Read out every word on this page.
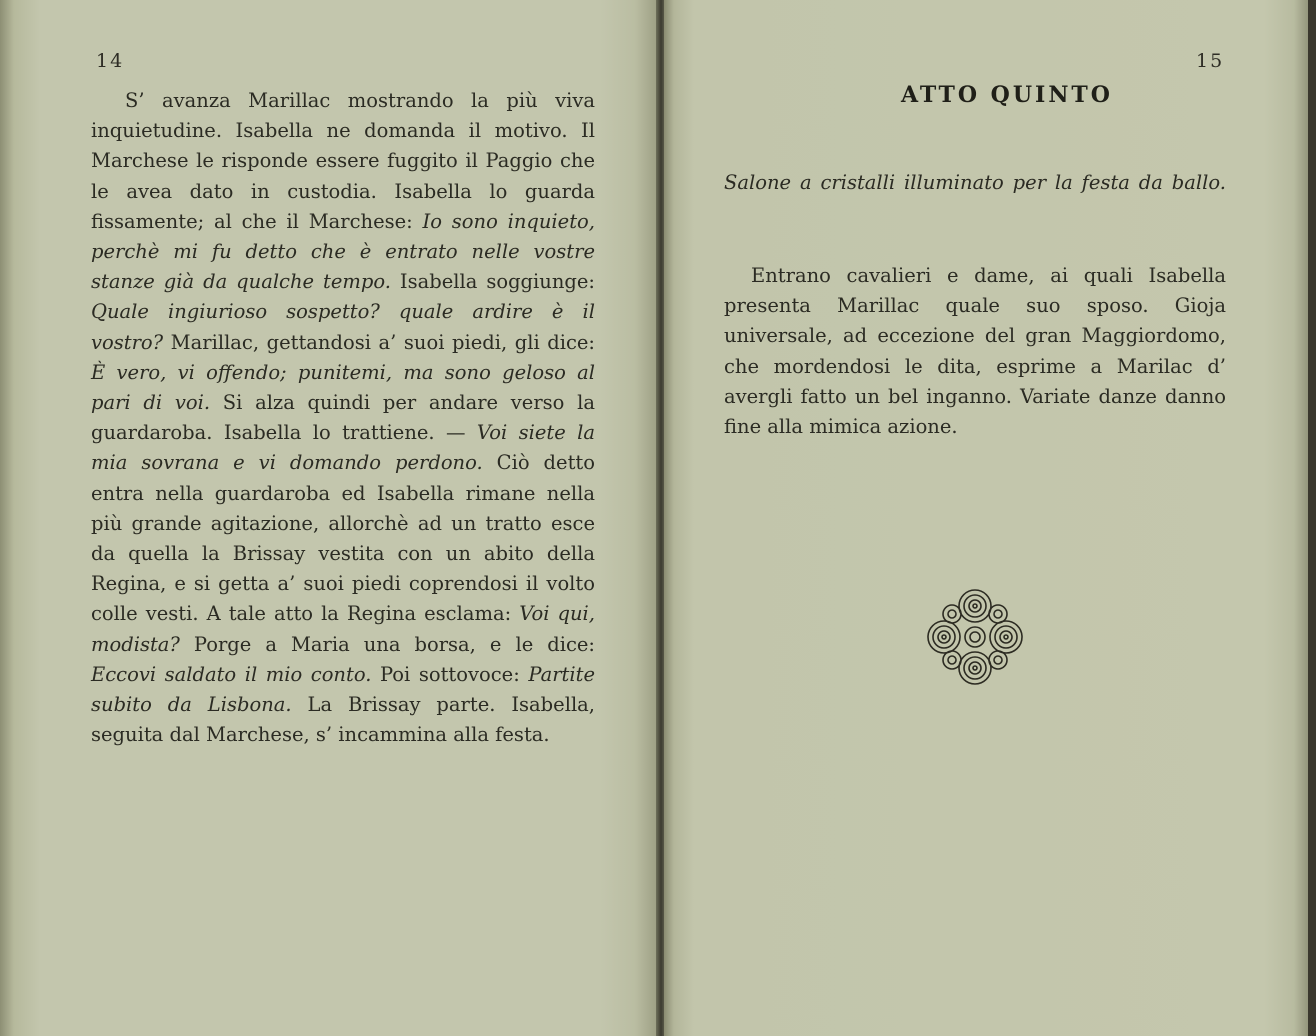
14

S’ avanza Marillac mostrando la più viva inquietudine. Isabella ne domanda il motivo. Il Marchese le risponde essere fuggito il Paggio che le avea dato in custodia. Isabella lo guarda fissamente; al che il Marchese: Io sono inquieto, perchè mi fu detto che è entrato nelle vostre stanze già da qualche tempo. Isabella soggiunge: Quale ingiurioso sospetto? quale ardire è il vostro? Marillac, gettandosi a’ suoi piedi, gli dice: È vero, vi offendo; punitemi, ma sono geloso al pari di voi. Si alza quindi per andare verso la guardaroba. Isabella lo trattiene. — Voi siete la mia sovrana e vi domando perdono. Ciò detto entra nella guardaroba ed Isabella rimane nella più grande agitazione, allorchè ad un tratto esce da quella la Brissay vestita con un abito della Regina, e si getta a’ suoi piedi coprendosi il volto colle vesti. A tale atto la Regina esclama: Voi qui, modista? Porge a Maria una borsa, e le dice: Eccovi saldato il mio conto. Poi sottovoce: Partite subito da Lisbona. La Brissay parte. Isabella, seguita dal Marchese, s’ incammina alla festa.

15
ATTO QUINTO
Salone a cristalli illuminato per la festa da ballo.

Entrano cavalieri e dame, ai quali Isabella presenta Marillac quale suo sposo. Gioja universale, ad eccezione del gran Maggiordomo, che mordendosi le dita, esprime a Marilac d’ avergli fatto un bel inganno. Variate danze danno fine alla mimica azione.
